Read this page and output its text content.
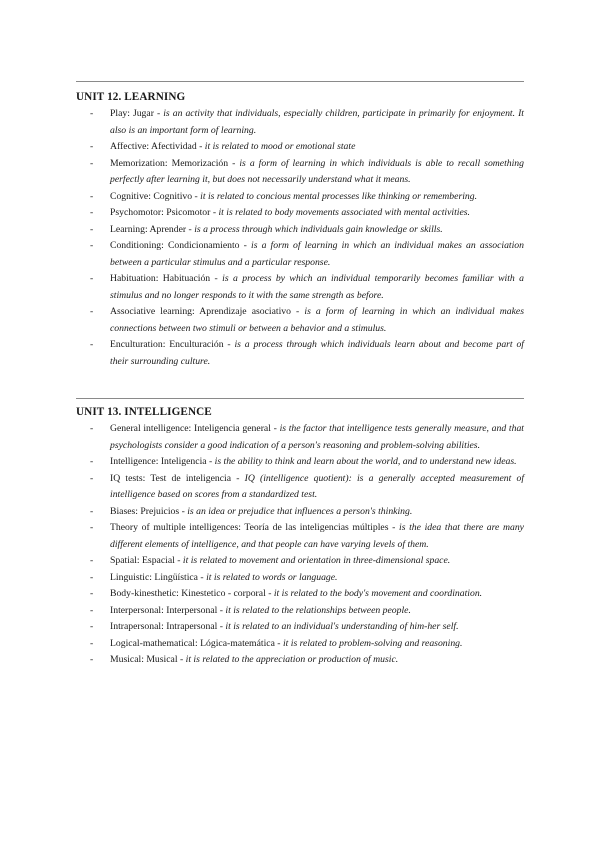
UNIT 12. LEARNING
- Play: Jugar - is an activity that individuals, especially children, participate in primarily for enjoyment. It also is an important form of learning.
- Affective: Afectividad - it is related to mood or emotional state
- Memorization: Memorización - is a form of learning in which individuals is able to recall something perfectly after learning it, but does not necessarily understand what it means.
- Cognitive: Cognitivo - it is related to concious mental processes like thinking or remembering.
- Psychomotor: Psicomotor - it is related to body movements associated with mental activities.
- Learning: Aprender - is a process through which individuals gain knowledge or skills.
- Conditioning: Condicionamiento - is a form of learning in which an individual makes an association between a particular stimulus and a particular response.
- Habituation: Habituación - is a process by which an individual temporarily becomes familiar with a stimulus and no longer responds to it with the same strength as before.
- Associative learning: Aprendizaje asociativo - is a form of learning in which an individual makes connections between two stimuli or between a behavior and a stimulus.
- Enculturation: Enculturación - is a process through which individuals learn about and become part of their surrounding culture.
UNIT 13. INTELLIGENCE
- General intelligence: Inteligencia general - is the factor that intelligence tests generally measure, and that psychologists consider a good indication of a person's reasoning and problem-solving abilities.
- Intelligence: Inteligencia - is the ability to think and learn about the world, and to understand new ideas.
- IQ tests: Test de inteligencia - IQ (intelligence quotient): is a generally accepted measurement of intelligence based on scores from a standardized test.
- Biases: Prejuicios - is an idea or prejudice that influences a person's thinking.
- Theory of multiple intelligences: Teoría de las inteligencias múltiples - is the idea that there are many different elements of intelligence, and that people can have varying levels of them.
- Spatial: Espacial - it is related to movement and orientation in three-dimensional space.
- Linguistic: Lingüística - it is related to words or language.
- Body-kinesthetic: Kinestetico - corporal - it is related to the body's movement and coordination.
- Interpersonal: Interpersonal - it is related to the relationships between people.
- Intrapersonal: Intrapersonal - it is related to an individual's understanding of him-her self.
- Logical-mathematical: Lógica-matemática - it is related to problem-solving and reasoning.
- Musical: Musical - it is related to the appreciation or production of music.
